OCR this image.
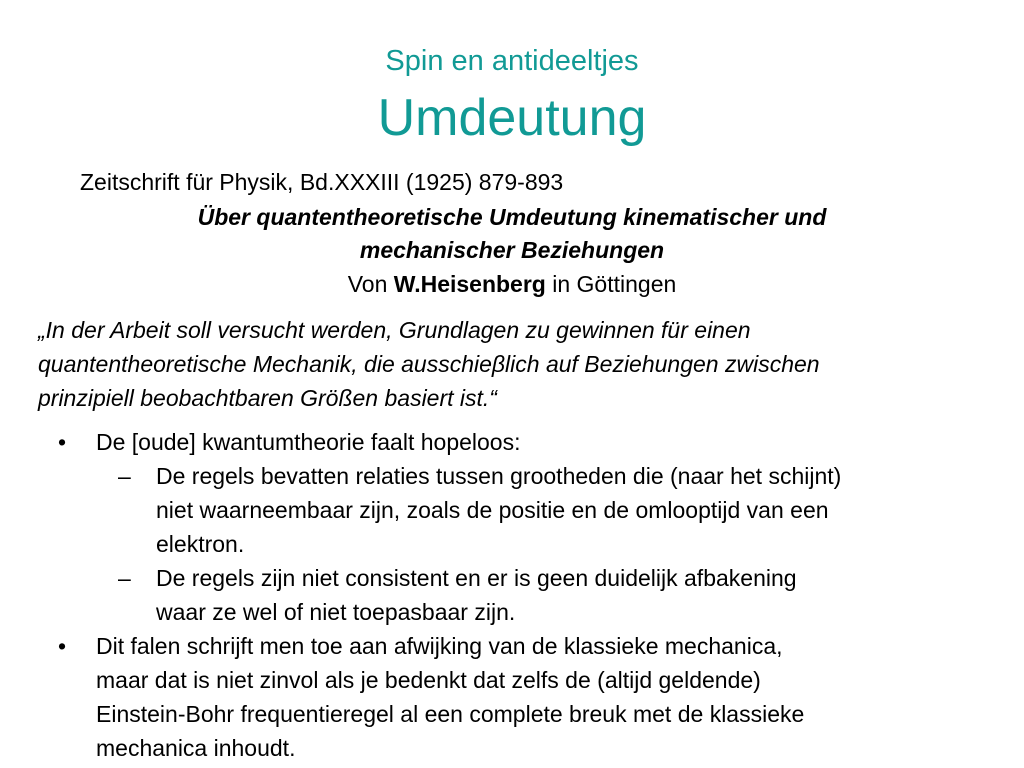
Spin en antideeltjes
Umdeutung
Zeitschrift für Physik, Bd.XXXIII (1925) 879-893
Über quantentheoretische Umdeutung kinematischer und
mechanischer Beziehungen
Von W.Heisenberg in Göttingen
„In der Arbeit soll versucht werden, Grundlagen zu gewinnen für einen
quantentheoretische Mechanik, die ausschieβlich auf Beziehungen zwischen
prinzipiell beobachtbaren Größen basiert ist.“
• De [oude] kwantumtheorie faalt hopeloos:
– De regels bevatten relaties tussen grootheden die (naar het schijnt)
niet waarneembaar zijn, zoals de positie en de omlooptijd van een
elektron.
– De regels zijn niet consistent en er is geen duidelijk afbakening
waar ze wel of niet toepasbaar zijn.
• Dit falen schrijft men toe aan afwijking van de klassieke mechanica,
maar dat is niet zinvol als je bedenkt dat zelfs de (altijd geldende)
Einstein-Bohr frequentieregel al een complete breuk met de klassieke
mechanica inhoudt.
